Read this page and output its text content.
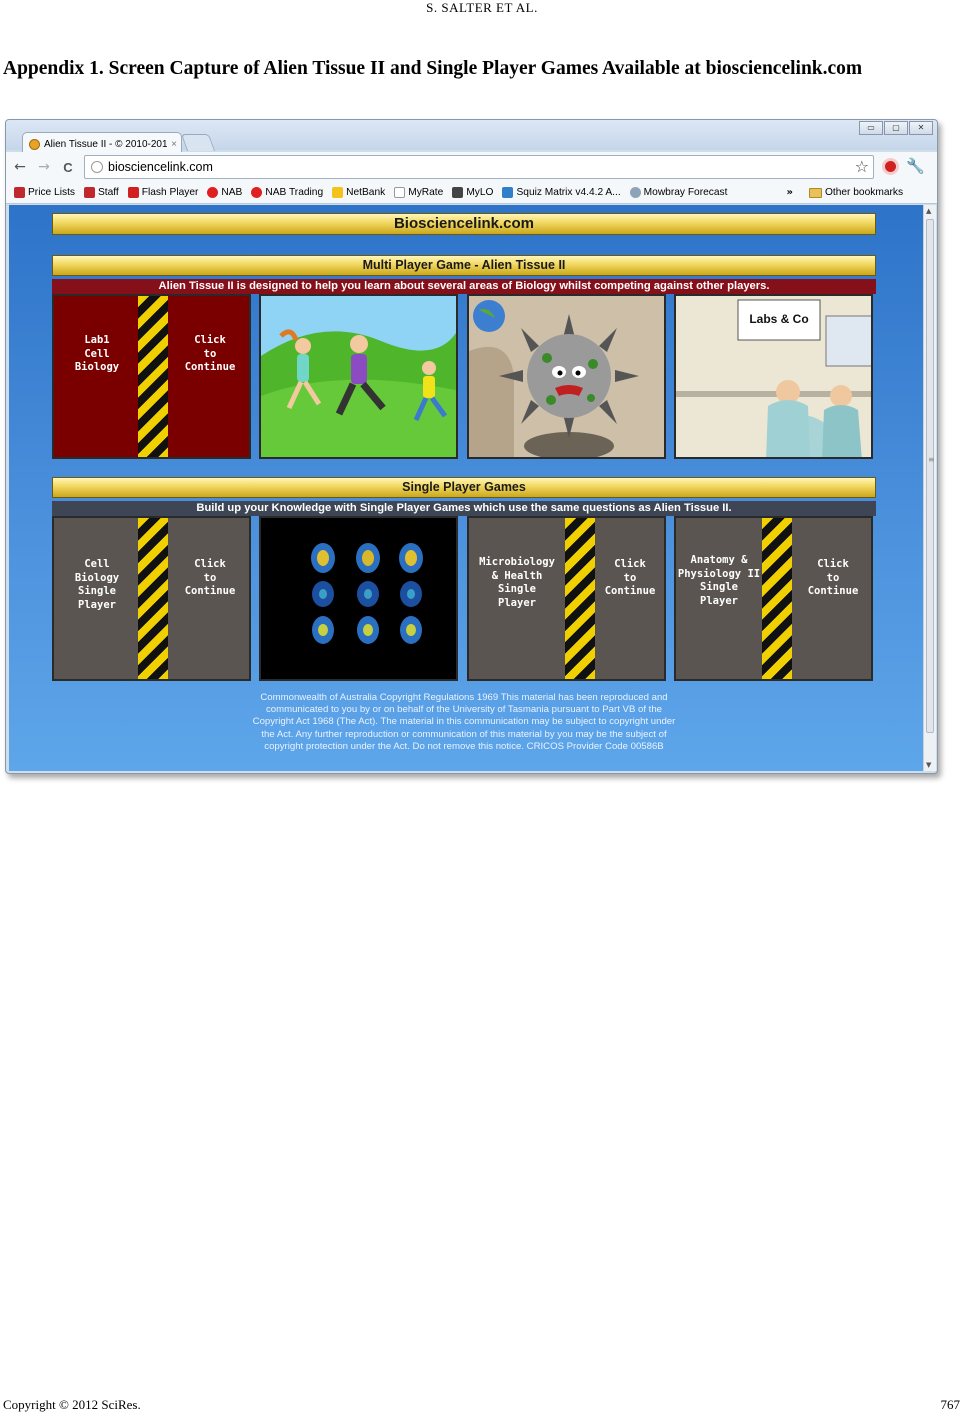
S. SALTER ET AL.
Appendix 1. Screen Capture of Alien Tissue II and Single Player Games Available at biosciencelink.com
Alien Tissue II - © 2010-201 ×
▭	▢	✕
← →	C	biosciencelink.com	☆ 🔧
Price Lists Staff Flash Player NAB NAB Trading NetBank MyRate MyLO Squiz Matrix v4.4.2 A... Mowbray Forecast	»	Other bookmarks
Biosciencelink.com
Multi Player Game - Alien Tissue II
Alien Tissue II is designed to help you learn about several areas of Biology whilst competing against other players.
Lab1
Cell
Biology
Click
to
Continue
Labs & Co
Single Player Games
Build up your Knowledge with Single Player Games which use the same questions as Alien Tissue II.
Cell
Biology
Single
Player
Click
to
Continue
Microbiology
& Health
Single
Player
Click
to
Continue
Anatomy &
Physiology II
Single
Player
Click
to
Continue
Commonwealth of Australia Copyright Regulations 1969 This material has been reproduced and communicated to you by or on behalf of the University of Tasmania pursuant to Part VB of the Copyright Act 1968 (The Act). The material in this communication may be subject to copyright under the Act. Any further reproduction or communication of this material by you may be the subject of copyright protection under the Act. Do not remove this notice. CRICOS Provider Code 00586B
▲
≡
▼
Copyright © 2012 SciRes.	767
